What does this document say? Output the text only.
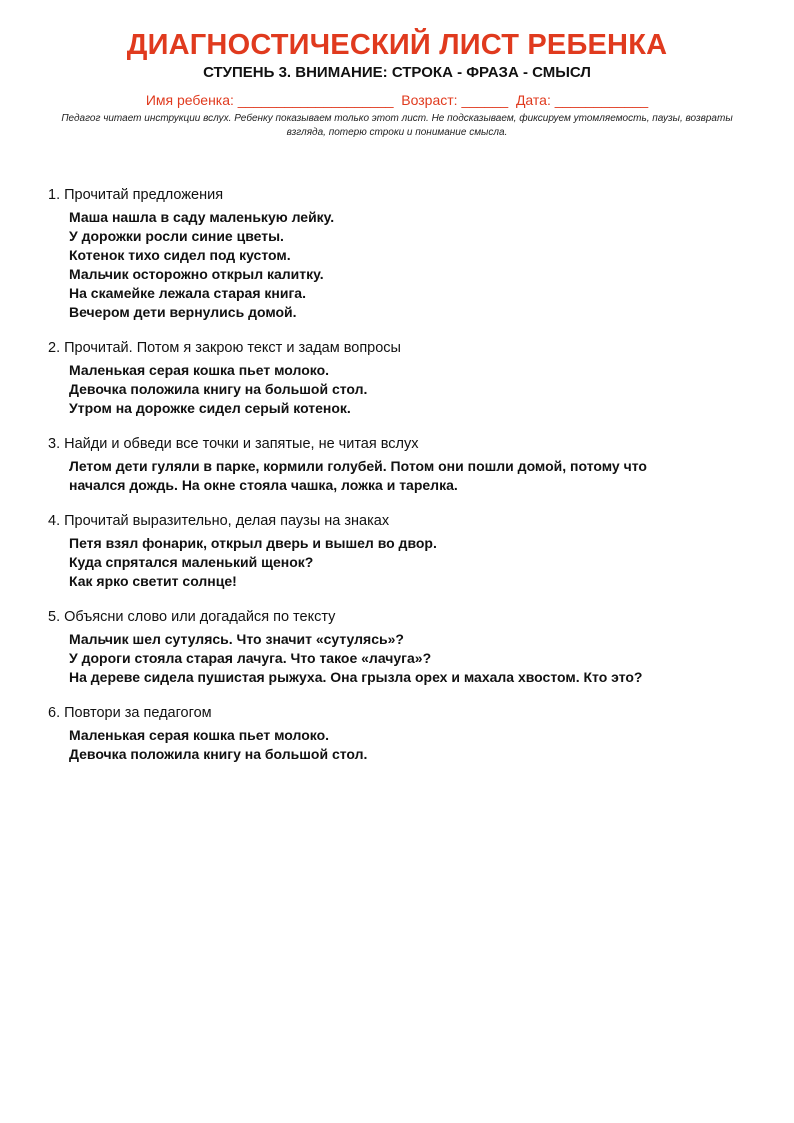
ДИАГНОСТИЧЕСКИЙ ЛИСТ РЕБЕНКА
СТУПЕНЬ 3. ВНИМАНИЕ: СТРОКА - ФРАЗА - СМЫСЛ
Имя ребенка: ____________________  Возраст: ______  Дата: ____________
Педагог читает инструкции вслух. Ребенку показываем только этот лист. Не подсказываем, фиксируем утомляемость, паузы, возвраты взгляда, потерю строки и понимание смысла.
1. Прочитай предложения
Маша нашла в саду маленькую лейку.
У дорожки росли синие цветы.
Котенок тихо сидел под кустом.
Мальчик осторожно открыл калитку.
На скамейке лежала старая книга.
Вечером дети вернулись домой.
2. Прочитай. Потом я закрою текст и задам вопросы
Маленькая серая кошка пьет молоко.
Девочка положила книгу на большой стол.
Утром на дорожке сидел серый котенок.
3. Найди и обведи все точки и запятые, не читая вслух
Летом дети гуляли в парке, кормили голубей. Потом они пошли домой, потому что
начался дождь. На окне стояла чашка, ложка и тарелка.
4. Прочитай выразительно, делая паузы на знаках
Петя взял фонарик, открыл дверь и вышел во двор.
Куда спрятался маленький щенок?
Как ярко светит солнце!
5. Объясни слово или догадайся по тексту
Мальчик шел сутулясь. Что значит «сутулясь»?
У дороги стояла старая лачуга. Что такое «лачуга»?
На дереве сидела пушистая рыжуха. Она грызла орех и махала хвостом. Кто это?
6. Повтори за педагогом
Маленькая серая кошка пьет молоко.
Девочка положила книгу на большой стол.
